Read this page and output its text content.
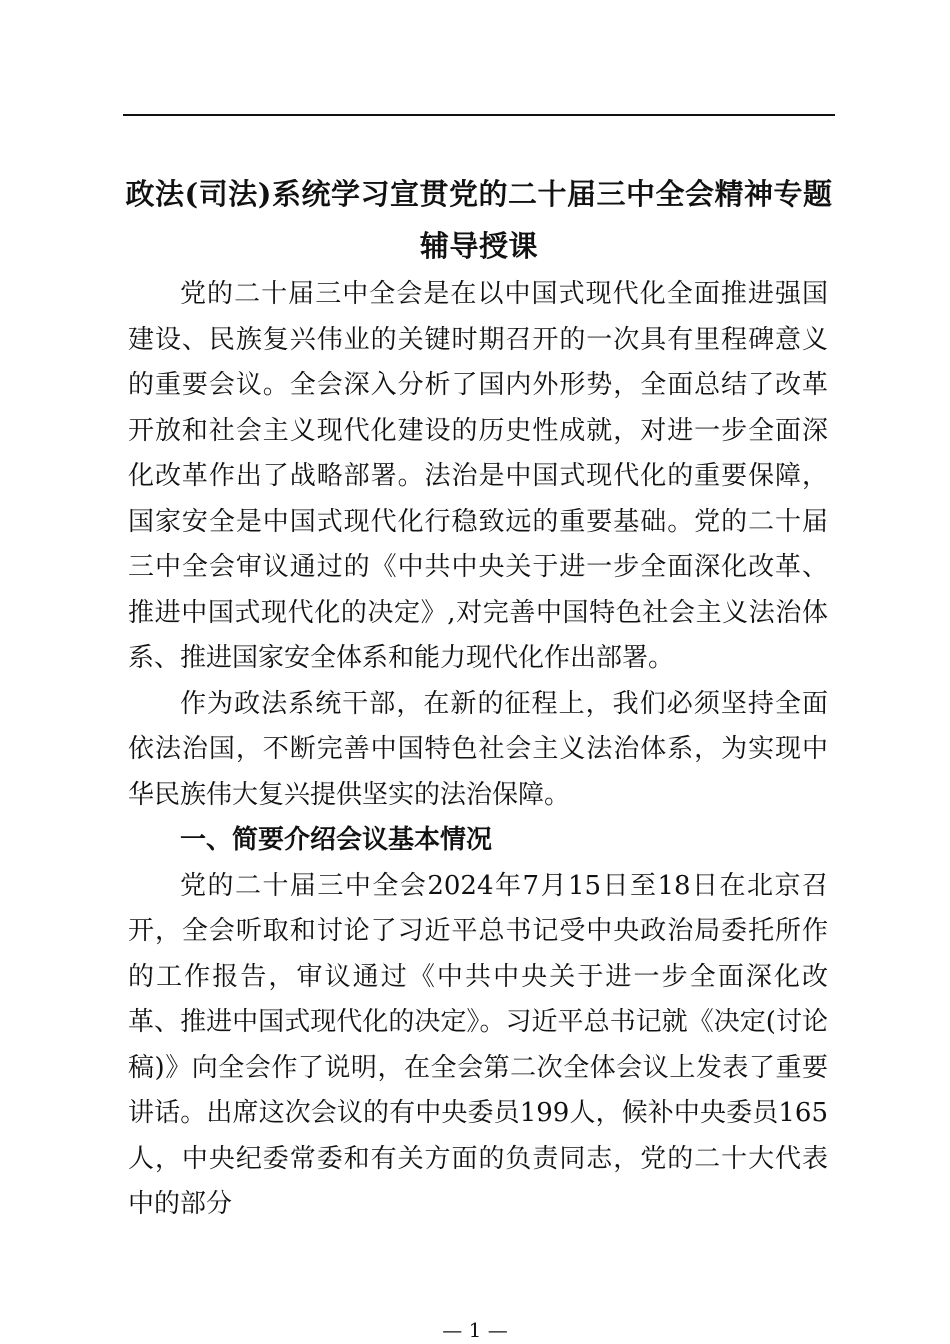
政法(司法)系统学习宣贯党的二十届三中全会精神专题
辅导授课

党的二十届三中全会是在以中国式现代化全面推进强国建设、民族复兴伟业的关键时期召开的一次具有里程碑意义的重要会议。全会深入分析了国内外形势，全面总结了改革开放和社会主义现代化建设的历史性成就，对进一步全面深化改革作出了战略部署。法治是中国式现代化的重要保障，国家安全是中国式现代化行稳致远的重要基础。党的二十届三中全会审议通过的《中共中央关于进一步全面深化改革、推进中国式现代化的决定》,对完善中国特色社会主义法治体系、推进国家安全体系和能力现代化作出部署。

作为政法系统干部，在新的征程上，我们必须坚持全面依法治国，不断完善中国特色社会主义法治体系，为实现中华民族伟大复兴提供坚实的法治保障。

一、简要介绍会议基本情况

党的二十届三中全会2024年7月15日至18日在北京召开，全会听取和讨论了习近平总书记受中央政治局委托所作的工作报告，审议通过《中共中央关于进一步全面深化改革、推进中国式现代化的决定》。习近平总书记就《决定(讨论稿)》向全会作了说明，在全会第二次全体会议上发表了重要讲话。出席这次会议的有中央委员199人，候补中央委员165人，中央纪委常委和有关方面的负责同志，党的二十大代表中的部分

— 1 —
